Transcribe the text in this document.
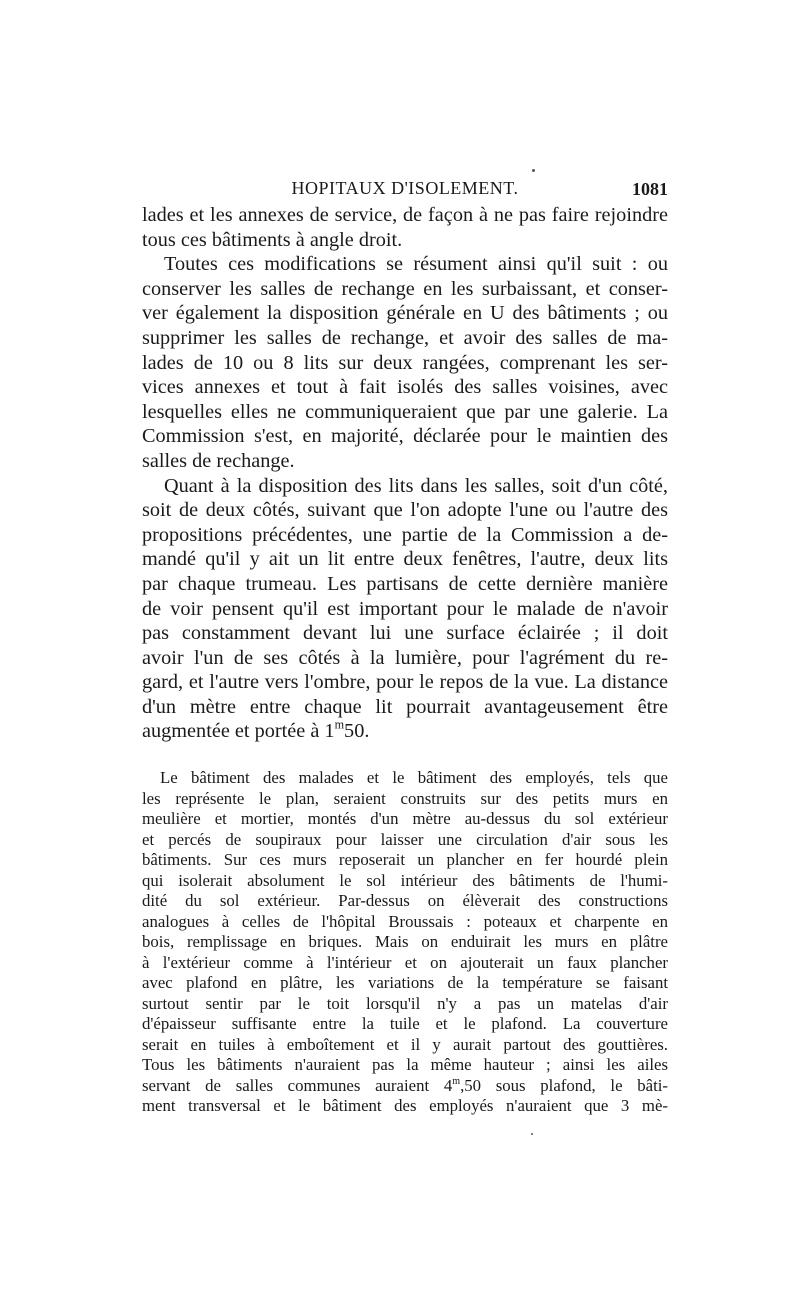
HOPITAUX D'ISOLEMENT.	1081
lades et les annexes de service, de façon à ne pas faire rejoindre
tous ces bâtiments à angle droit.
Toutes ces modifications se résument ainsi qu'il suit : ou
conserver les salles de rechange en les surbaissant, et conser-
ver également la disposition générale en U des bâtiments ; ou
supprimer les salles de rechange, et avoir des salles de ma-
lades de 10 ou 8 lits sur deux rangées, comprenant les ser-
vices annexes et tout à fait isolés des salles voisines, avec
lesquelles elles ne communiqueraient que par une galerie. La
Commission s'est, en majorité, déclarée pour le maintien des
salles de rechange.
Quant à la disposition des lits dans les salles, soit d'un côté,
soit de deux côtés, suivant que l'on adopte l'une ou l'autre des
propositions précédentes, une partie de la Commission a de-
mandé qu'il y ait un lit entre deux fenêtres, l'autre, deux lits
par chaque trumeau. Les partisans de cette dernière manière
de voir pensent qu'il est important pour le malade de n'avoir
pas constamment devant lui une surface éclairée ; il doit
avoir l'un de ses côtés à la lumière, pour l'agrément du re-
gard, et l'autre vers l'ombre, pour le repos de la vue. La distance
d'un mètre entre chaque lit pourrait avantageusement être
augmentée et portée à 1$^m$50.
Le bâtiment des malades et le bâtiment des employés, tels que
les représente le plan, seraient construits sur des petits murs en
meulière et mortier, montés d'un mètre au-dessus du sol extérieur
et percés de soupiraux pour laisser une circulation d'air sous les
bâtiments. Sur ces murs reposerait un plancher en fer hourdé plein
qui isolerait absolument le sol intérieur des bâtiments de l'humi-
dité du sol extérieur. Par-dessus on élèverait des constructions
analogues à celles de l'hôpital Broussais : poteaux et charpente en
bois, remplissage en briques. Mais on enduirait les murs en plâtre
à l'extérieur comme à l'intérieur et on ajouterait un faux plancher
avec plafond en plâtre, les variations de la température se faisant
surtout sentir par le toit lorsqu'il n'y a pas un matelas d'air
d'épaisseur suffisante entre la tuile et le plafond. La couverture
serait en tuiles à emboîtement et il y aurait partout des gouttières.
Tous les bâtiments n'auraient pas la même hauteur ; ainsi les ailes
servant de salles communes auraient 4$^m$,50 sous plafond, le bâti-
ment transversal et le bâtiment des employés n'auraient que 3 mè-
